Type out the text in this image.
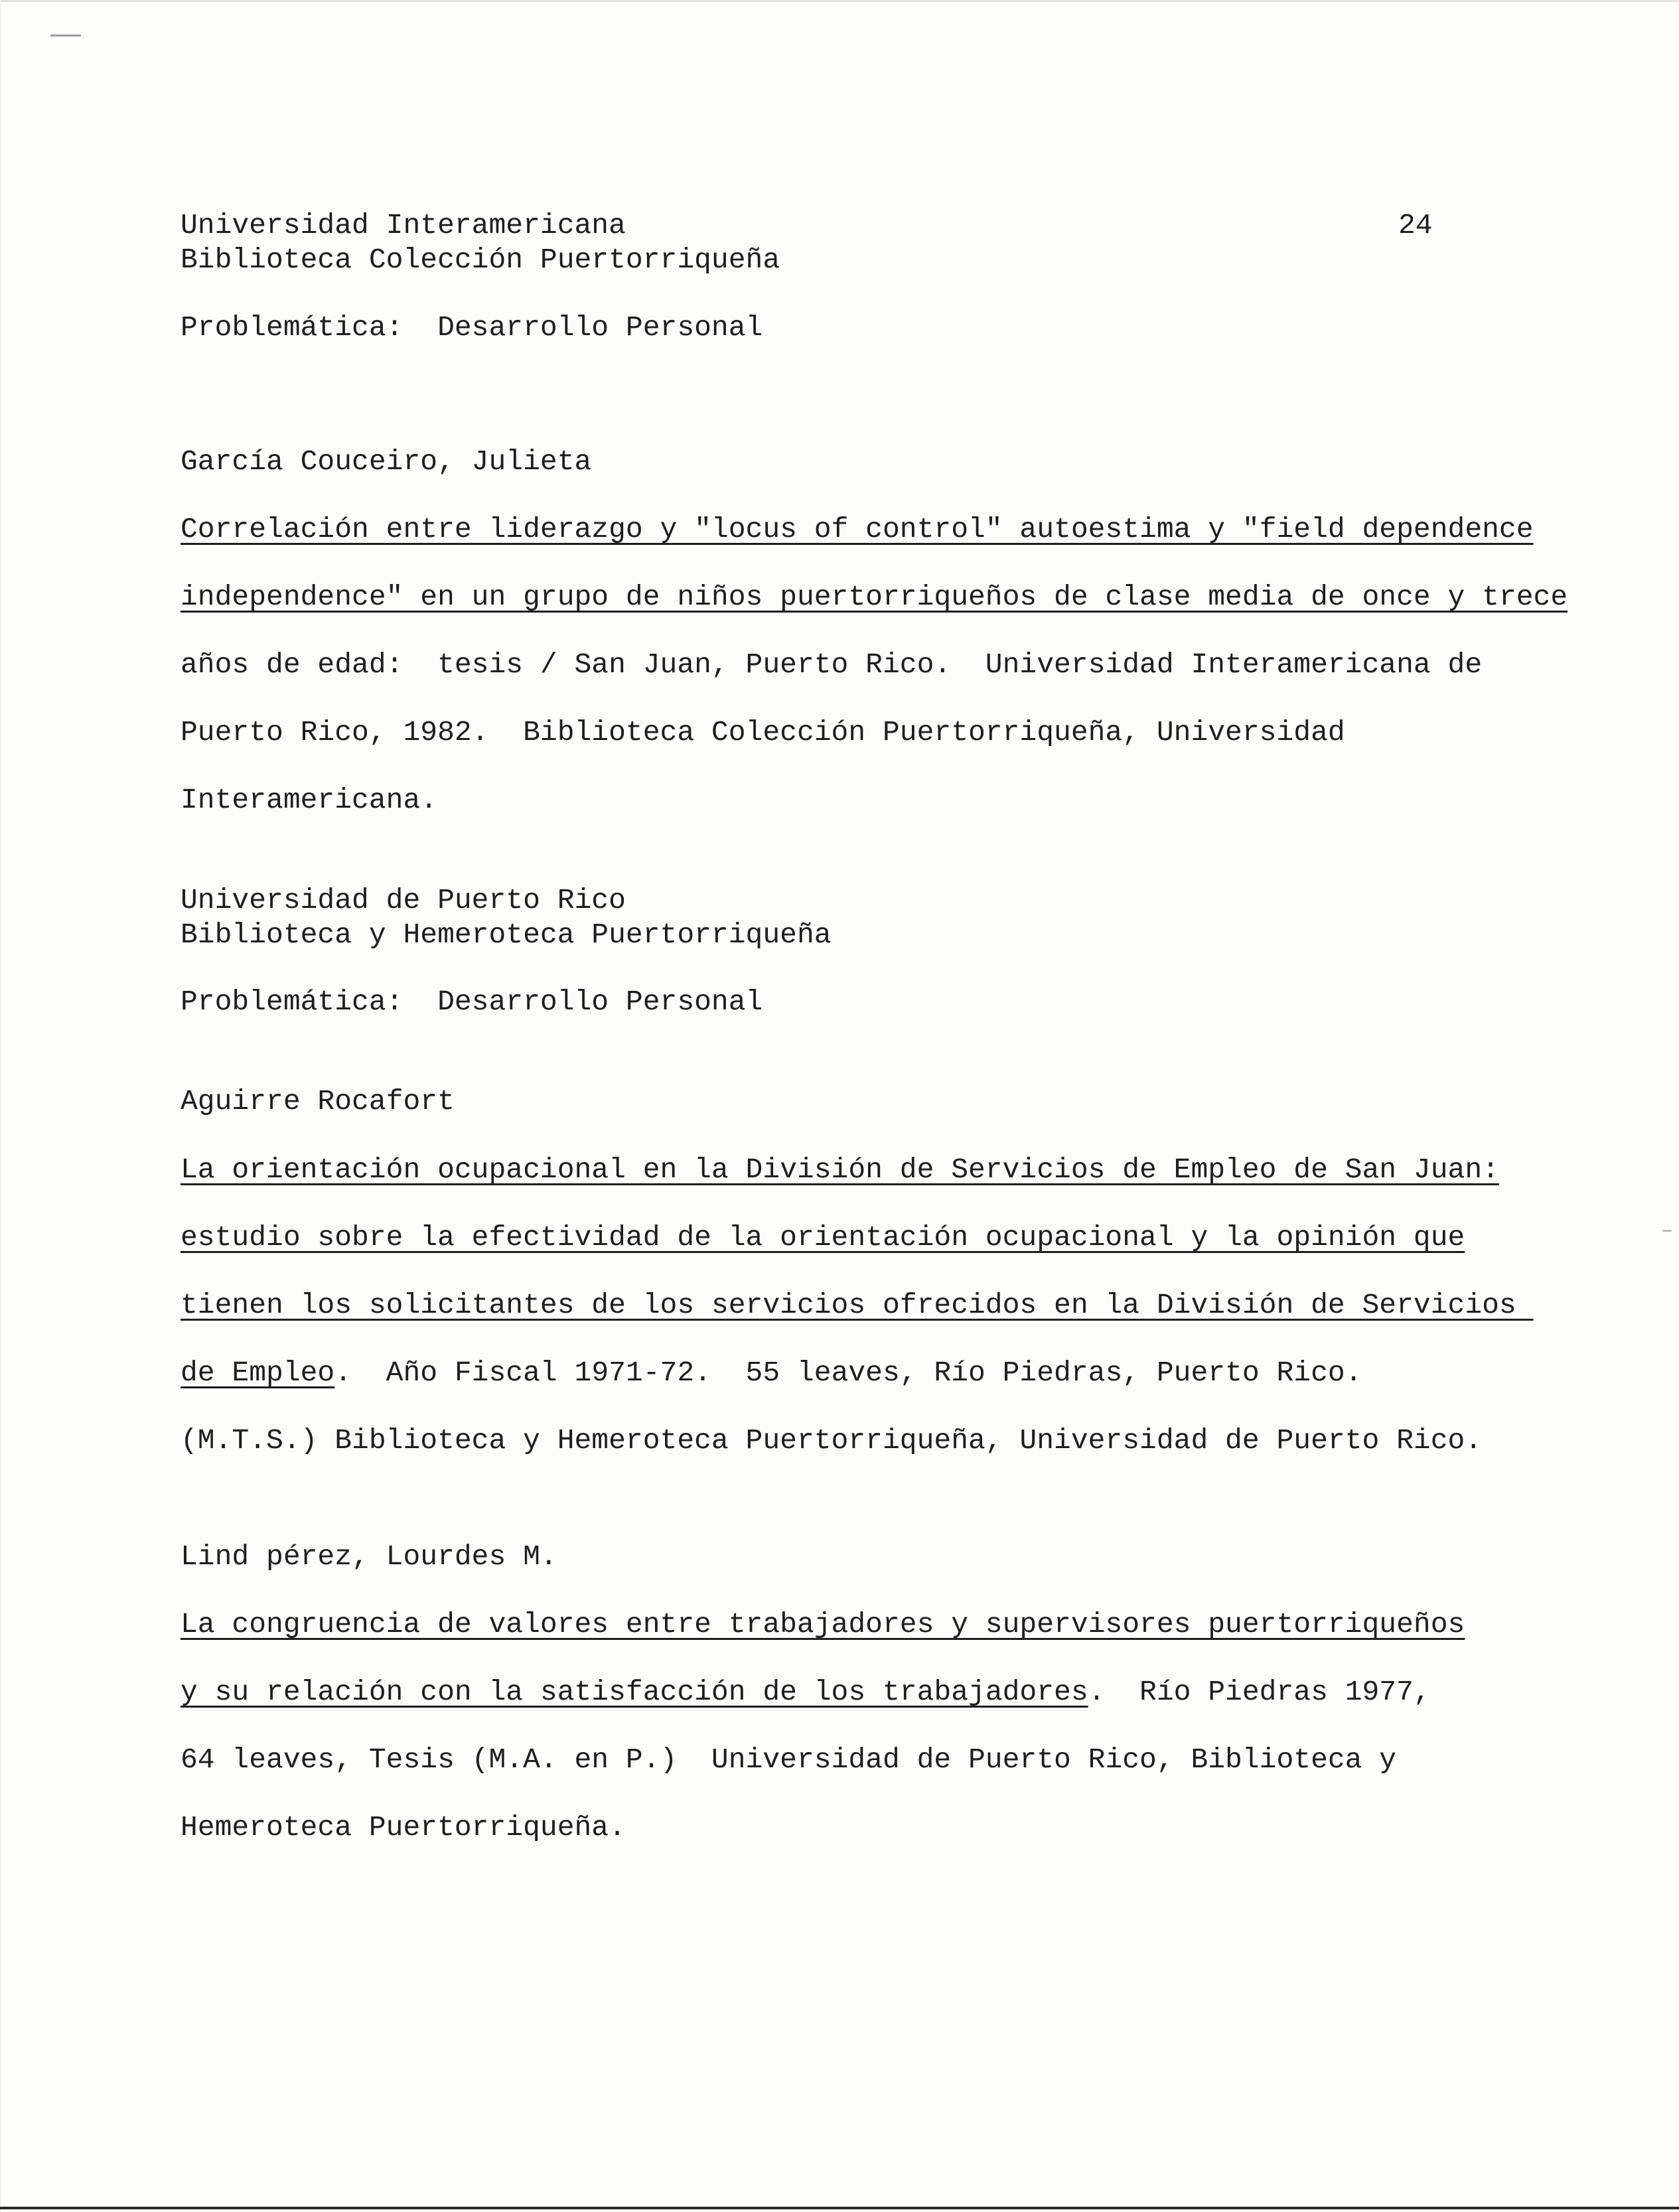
24

Universidad Interamericana

Biblioteca Colección Puertorriqueña

Problemática:  Desarrollo Personal

García Couceiro, Julieta

Correlación entre liderazgo y "locus of control" autoestima y "field dependence

independence" en un grupo de niños puertorriqueños de clase media de once y trece

años de edad:  tesis / San Juan, Puerto Rico.  Universidad Interamericana de

Puerto Rico, 1982.  Biblioteca Colección Puertorriqueña, Universidad

Interamericana.

Universidad de Puerto Rico

Biblioteca y Hemeroteca Puertorriqueña

Problemática:  Desarrollo Personal

Aguirre Rocafort

La orientación ocupacional en la División de Servicios de Empleo de San Juan:

estudio sobre la efectividad de la orientación ocupacional y la opinión que

tienen los solicitantes de los servicios ofrecidos en la División de Servicios

de Empleo.  Año Fiscal 1971-72.  55 leaves, Río Piedras, Puerto Rico.

(M.T.S.) Biblioteca y Hemeroteca Puertorriqueña, Universidad de Puerto Rico.

Lind pérez, Lourdes M.

La congruencia de valores entre trabajadores y supervisores puertorriqueños

y su relación con la satisfacción de los trabajadores.  Río Piedras 1977,

64 leaves, Tesis (M.A. en P.)  Universidad de Puerto Rico, Biblioteca y

Hemeroteca Puertorriqueña.
